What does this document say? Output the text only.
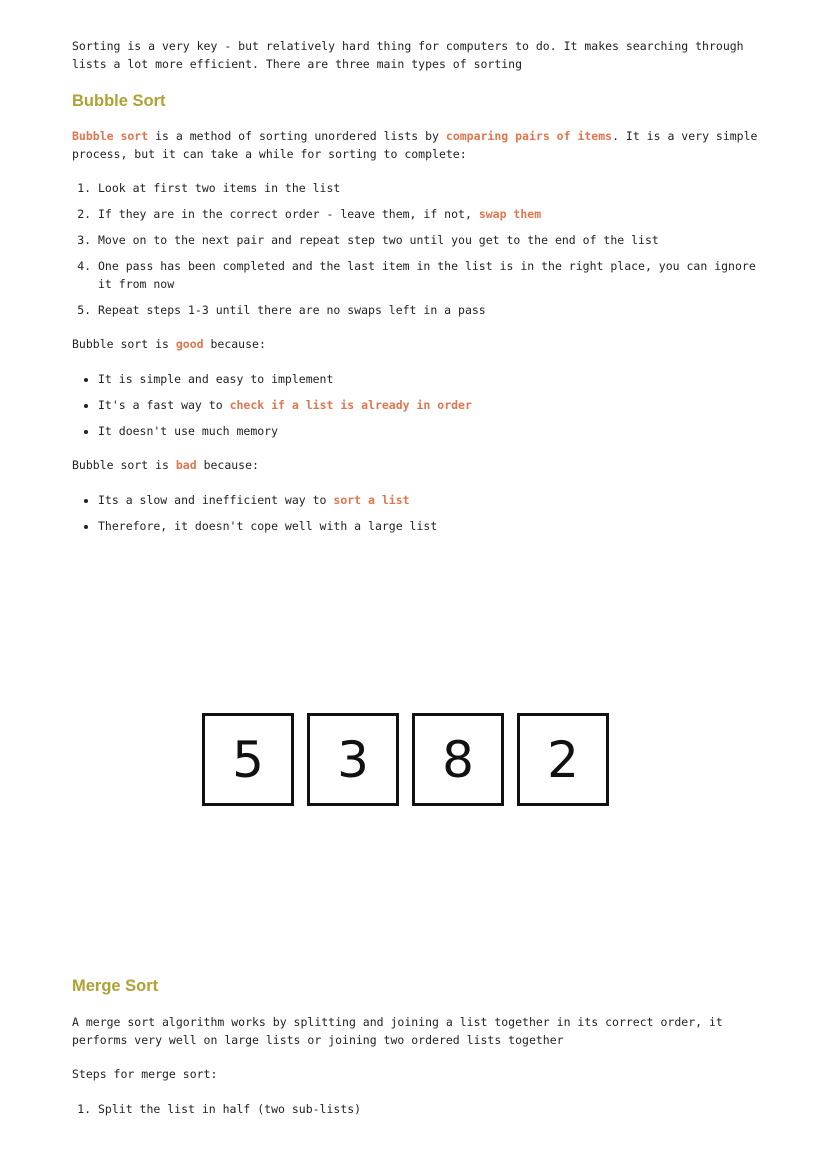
Sorting is a very key - but relatively hard thing for computers to do. It makes searching through lists a lot more efficient. There are three main types of sorting

Bubble Sort

Bubble sort is a method of sorting unordered lists by comparing pairs of items. It is a very simple process, but it can take a while for sorting to complete:

1. Look at first two items in the list
2. If they are in the correct order - leave them, if not, swap them
3. Move on to the next pair and repeat step two until you get to the end of the list
4. One pass has been completed and the last item in the list is in the right place, you can ignore it from now
5. Repeat steps 1-3 until there are no swaps left in a pass

Bubble sort is good because:

• It is simple and easy to implement
• It's a fast way to check if a list is already in order
• It doesn't use much memory

Bubble sort is bad because:

• Its a slow and inefficient way to sort a list
• Therefore, it doesn't cope well with a large list
5	3	8	2
Merge Sort

A merge sort algorithm works by splitting and joining a list together in its correct order, it performs very well on large lists or joining two ordered lists together

Steps for merge sort:

1. Split the list in half (two sub-lists)
